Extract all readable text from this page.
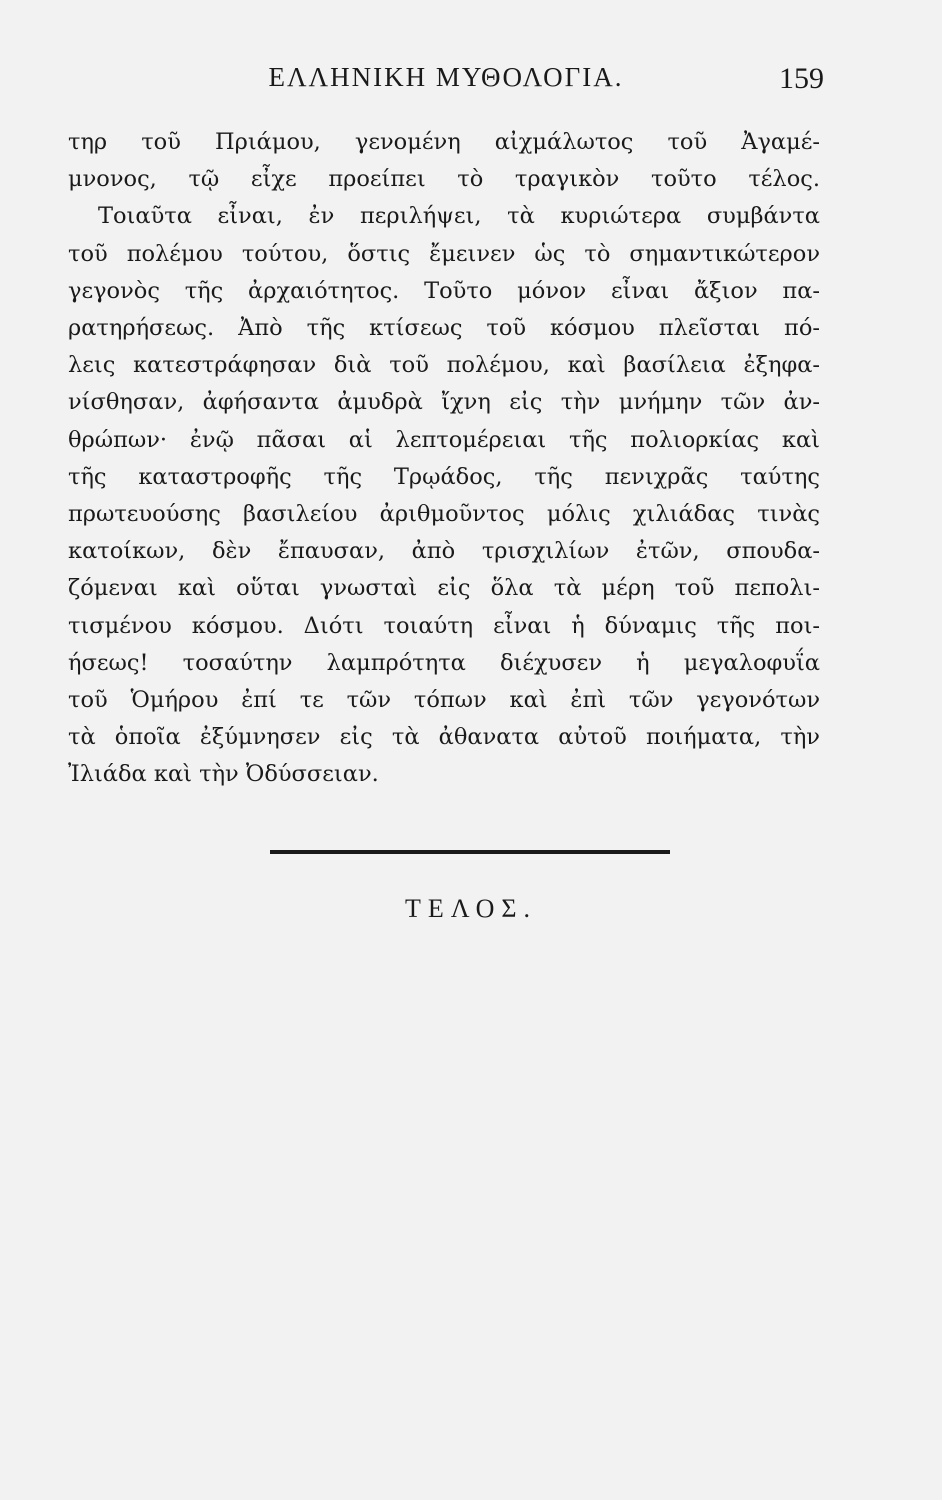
ΕΛΛΗΝΙΚΗ ΜΥΘΟΛΟΓΙΑ.	159
τηρ τοῦ Πριάμου, γενομένη αἰχμάλωτος τοῦ Ἀγαμέ-
μνονος, τῷ εἶχε προείπει τὸ τραγικὸν τοῦτο τέλος.
Τοιαῦτα εἶναι, ἐν περιλήψει, τὰ κυριώτερα συμβάντα
τοῦ πολέμου τούτου, ὅστις ἔμεινεν ὡς τὸ σημαντικώτερον
γεγονὸς τῆς ἀρχαιότητος. Τοῦτο μόνον εἶναι ἄξιον πα-
ρατηρήσεως. Ἀπὸ τῆς κτίσεως τοῦ κόσμου πλεῖσται πό-
λεις κατεστράφησαν διὰ τοῦ πολέμου, καὶ βασίλεια ἐξηφα-
νίσθησαν, ἀφήσαντα ἀμυδρὰ ἴχνη εἰς τὴν μνήμην τῶν ἀν-
θρώπων· ἐνῷ πᾶσαι αἱ λεπτομέρειαι τῆς πολιορκίας καὶ
τῆς καταστροφῆς τῆς Τρῳάδος, τῆς πενιχρᾶς ταύτης
πρωτευούσης βασιλείου ἀριθμοῦντος μόλις χιλιάδας τινὰς
κατοίκων, δὲν ἔπαυσαν, ἀπὸ τρισχιλίων ἐτῶν, σπουδα-
ζόμεναι καὶ οὕται γνωσταὶ εἰς ὅλα τὰ μέρη τοῦ πεπολι-
τισμένου κόσμου. Διότι τοιαύτη εἶναι ἡ δύναμις τῆς ποι-
ήσεως! τοσαύτην λαμπρότητα διέχυσεν ἡ μεγαλοφυΐα
τοῦ Ὁμήρου ἐπί τε τῶν τόπων καὶ ἐπὶ τῶν γεγονότων
τὰ ὁποῖα ἐξύμνησεν εἰς τὰ ἀθανατα αὐτοῦ ποιήματα, τὴν
Ἰλιάδα καὶ τὴν Ὀδύσσειαν.
ΤΕΛΟΣ.
